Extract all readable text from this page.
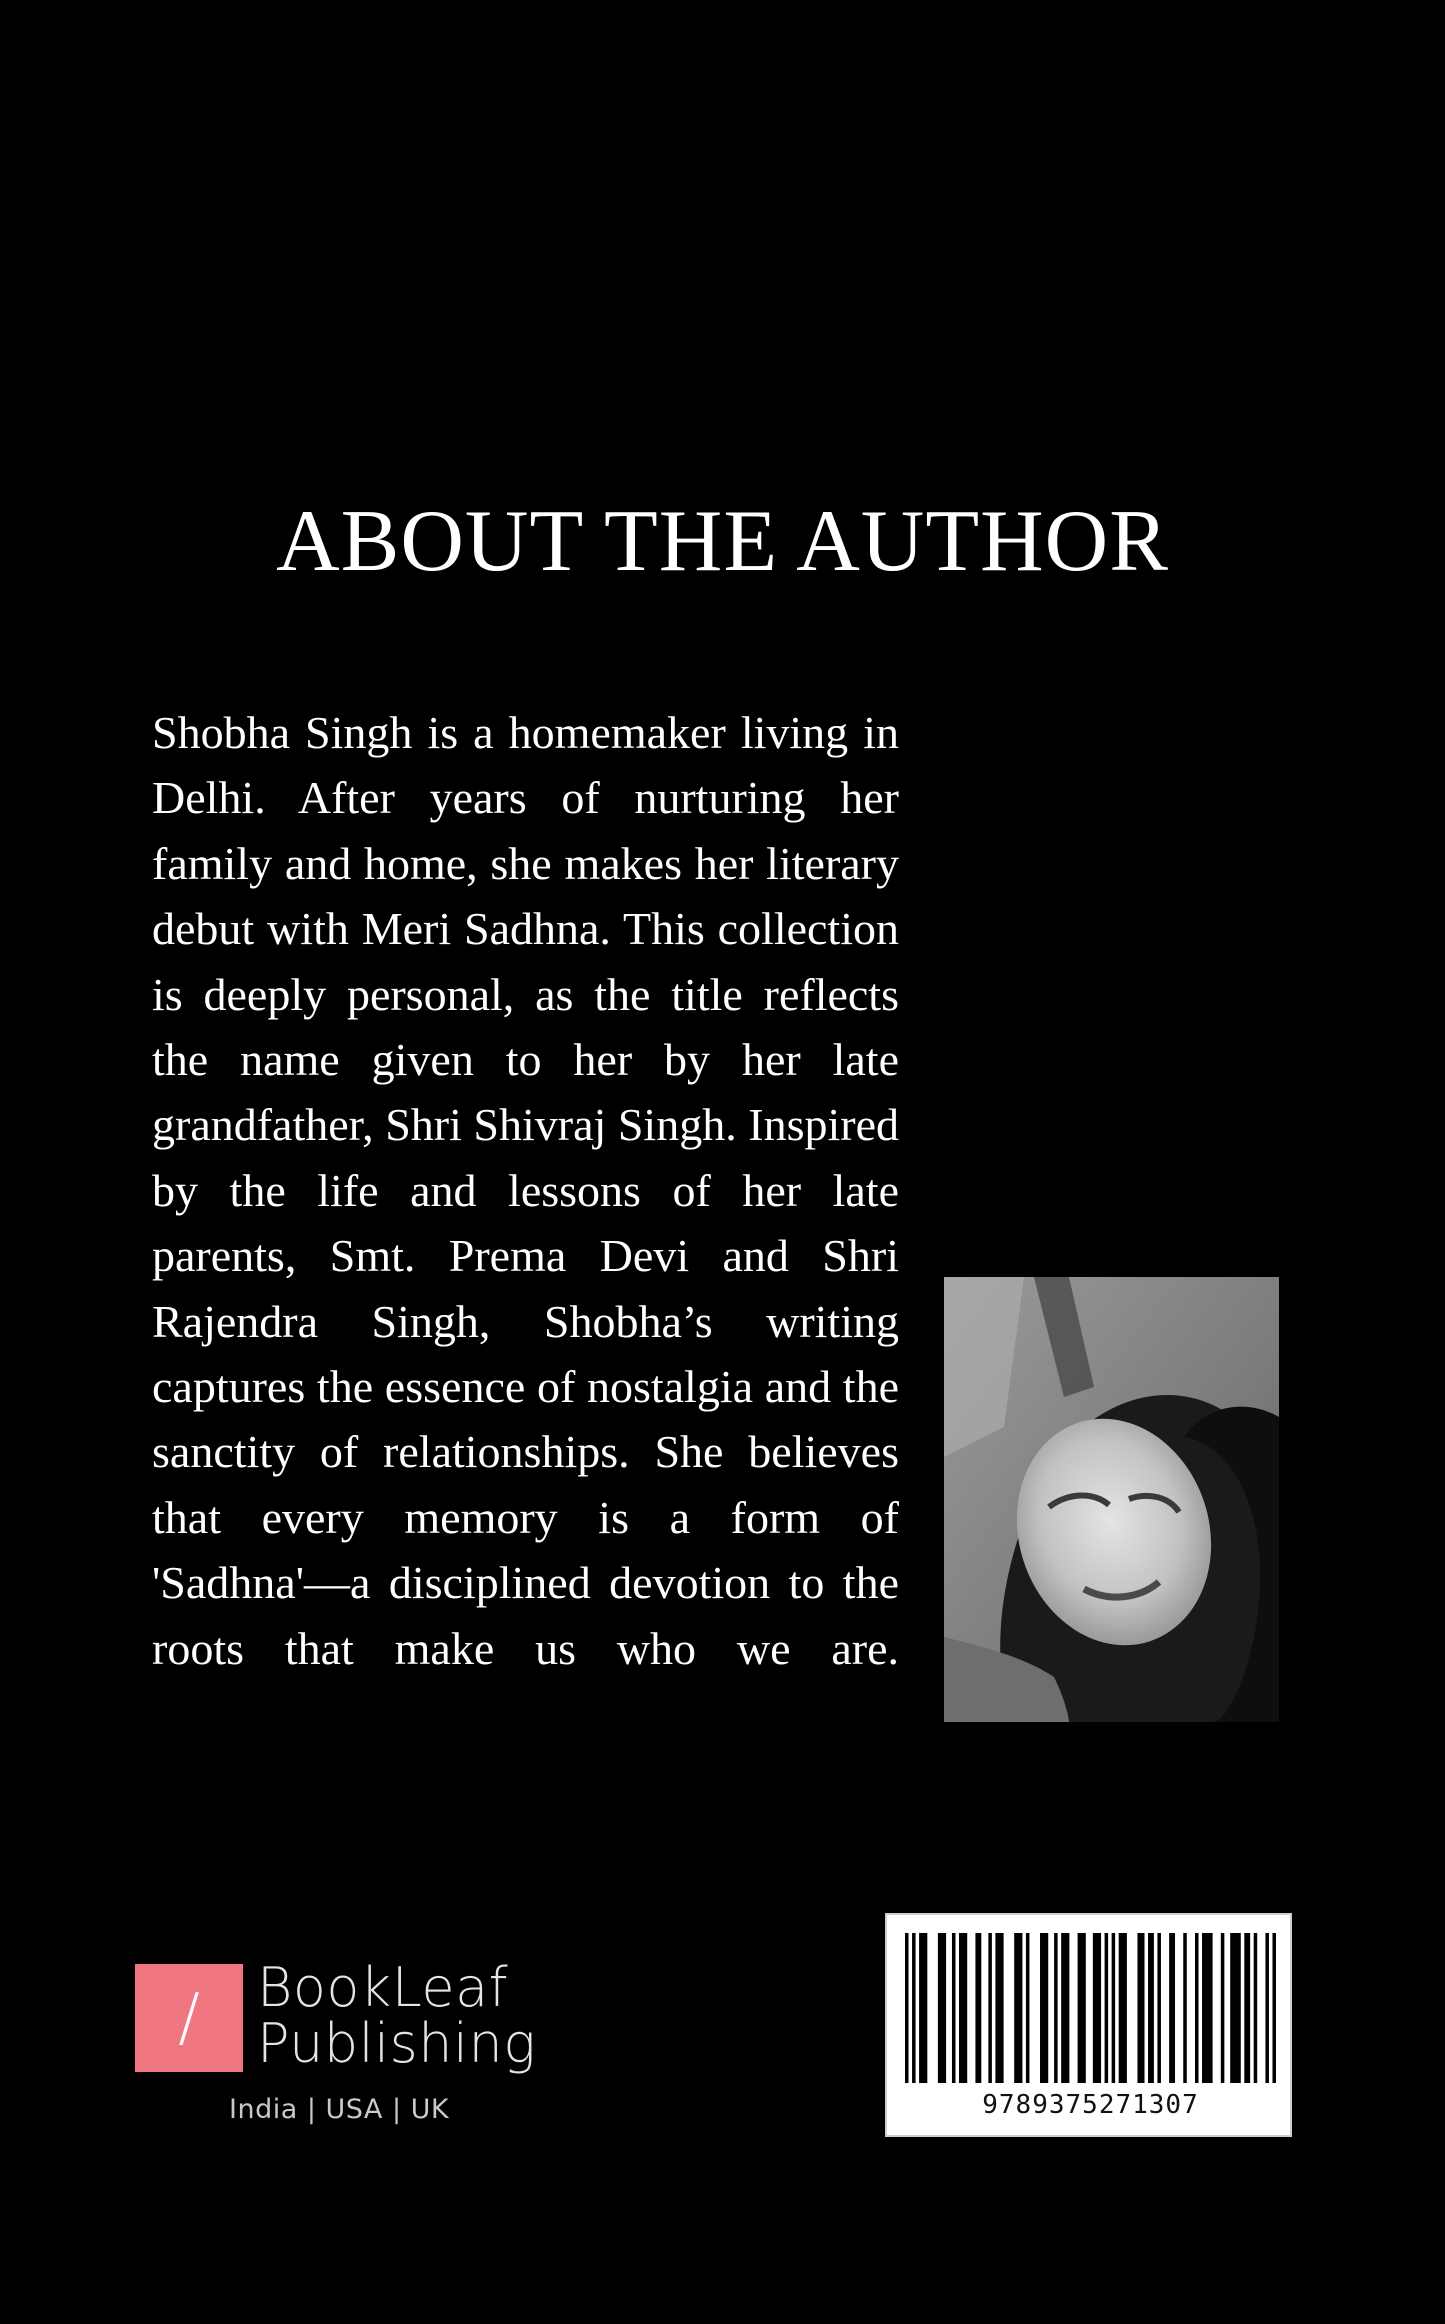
ABOUT THE AUTHOR

Shobha Singh is a homemaker living in Delhi. After years of nurturing her family and home, she makes her literary debut with Meri Sadhna. This collection is deeply personal, as the title reflects the name given to her by her late grandfather, Shri Shivraj Singh. Inspired by the life and lessons of her late parents, Smt. Prema Devi and Shri Rajendra Singh, Shobha’s writing captures the essence of nostalgia and the sanctity of relationships. She believes that every memory is a form of 'Sadhna'—a disciplined devotion to the roots that make us who we are.

/	BookLeaf
Publishing
India | USA | UK	9789375271307
